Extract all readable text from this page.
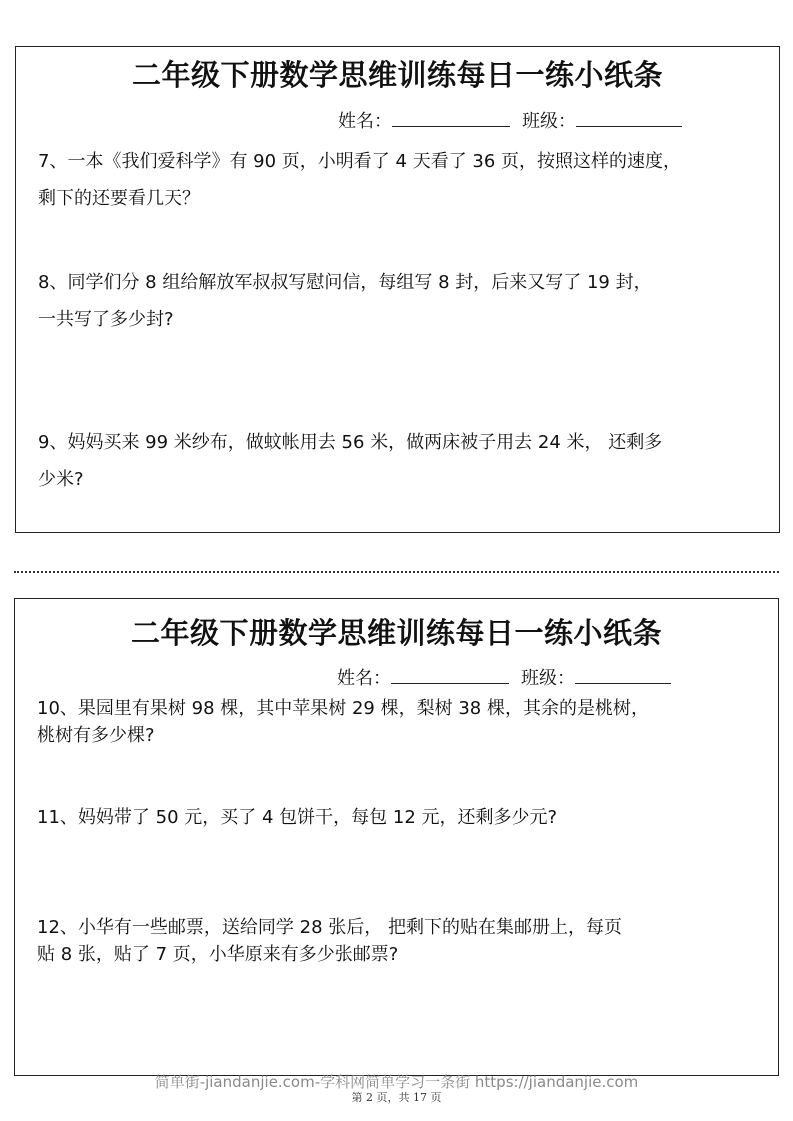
二年级下册数学思维训练每日一练小纸条
姓名：	班级：
7、一本《我们爱科学》有 90 页，小明看了 4 天看了 36 页，按照这样的速度，
剩下的还要看几天？
8、同学们分 8 组给解放军叔叔写慰问信，每组写 8 封，后来又写了 19 封，
一共写了多少封?
9、妈妈买来 99 米纱布，做蚊帐用去 56 米，做两床被子用去 24 米， 还剩多
少米?
二年级下册数学思维训练每日一练小纸条
姓名：	班级：
10、果园里有果树 98 棵，其中苹果树 29 棵，梨树 38 棵，其余的是桃树，
桃树有多少棵?
11、妈妈带了 50 元，买了 4 包饼干，每包 12 元，还剩多少元?
12、小华有一些邮票，送给同学 28 张后， 把剩下的贴在集邮册上，每页
贴 8 张，贴了 7 页，小华原来有多少张邮票?
简单街-jiandanjie.com-学科网简单学习一条街 https://jiandanjie.com
第 2 页，共 17 页
